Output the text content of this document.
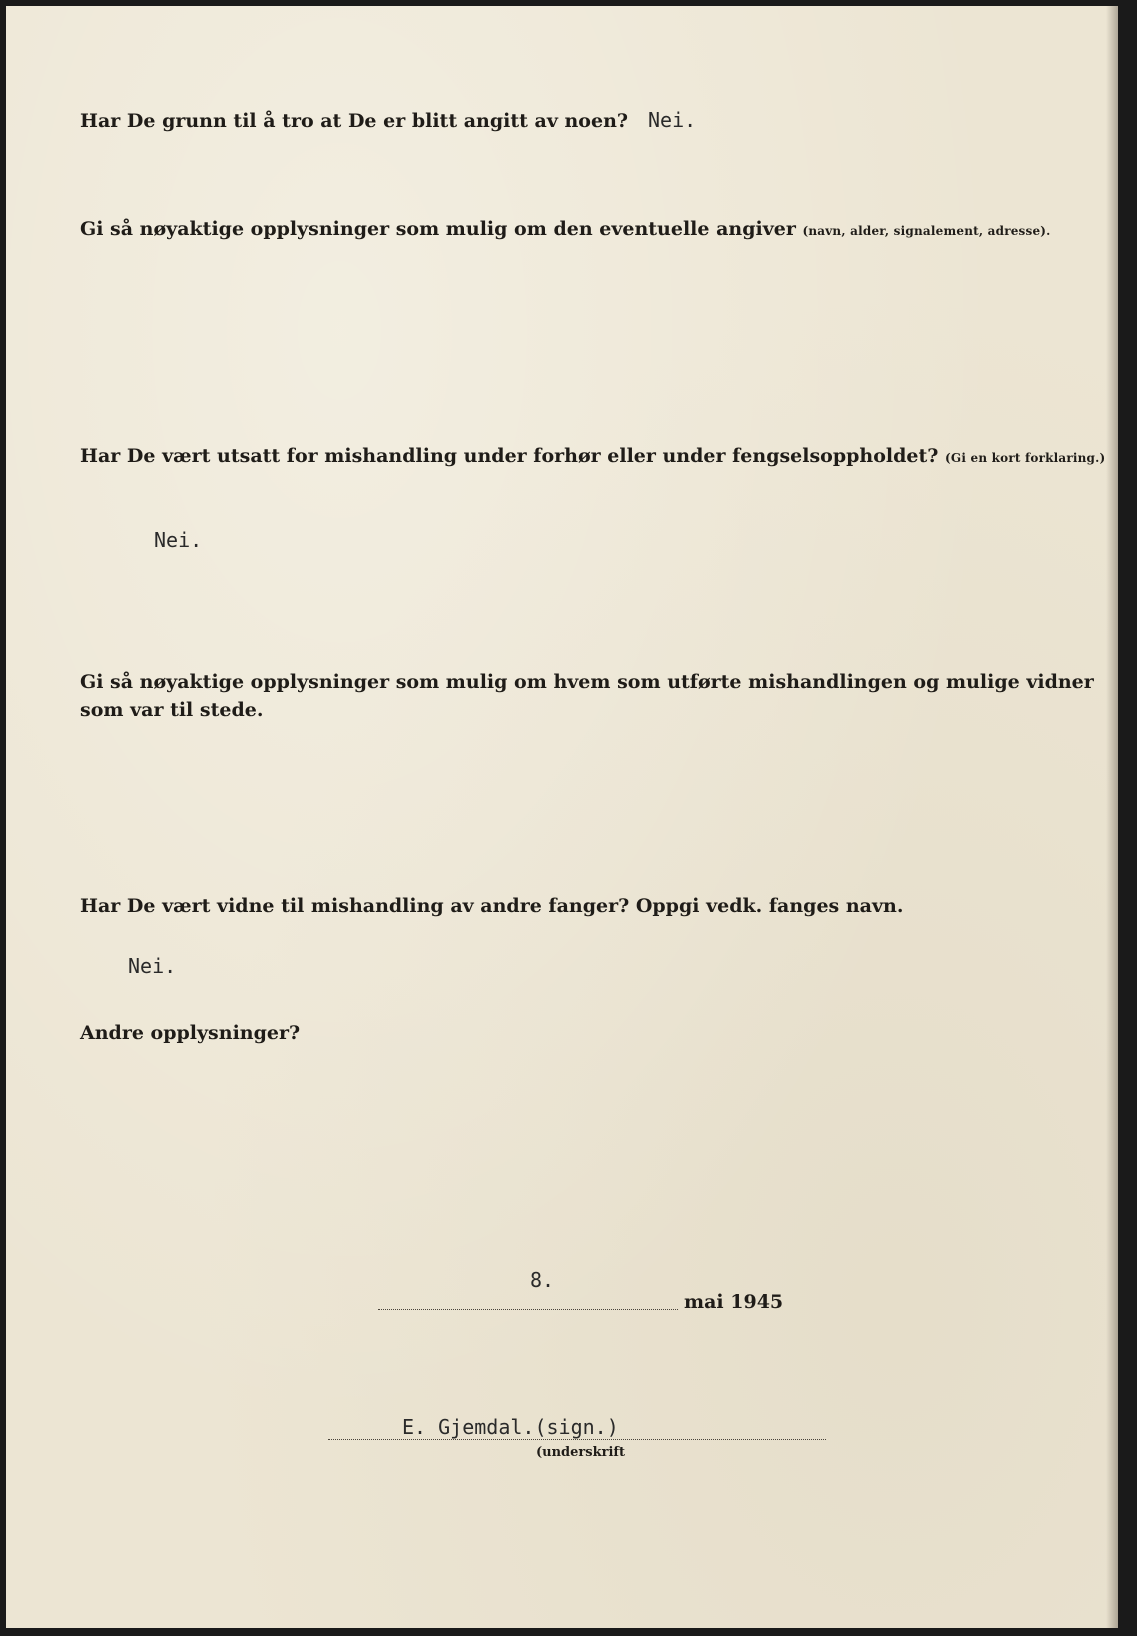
Har De grunn til å tro at De er blitt angitt av noen? Nei.
Gi så nøyaktige opplysninger som mulig om den eventuelle angiver (navn, alder, signalement, adresse).
Har De vært utsatt for mishandling under forhør eller under fengselsoppholdet? (Gi en kort forklaring.)
Nei.
Gi så nøyaktige opplysninger som mulig om hvem som utførte mishandlingen og mulige vidner
som var til stede.
Har De vært vidne til mishandling av andre fanger? Oppgi vedk. fanges navn.
Nei.
Andre opplysninger?
8.
mai 1945
E. Gjemdal.(sign.)
(underskrift
